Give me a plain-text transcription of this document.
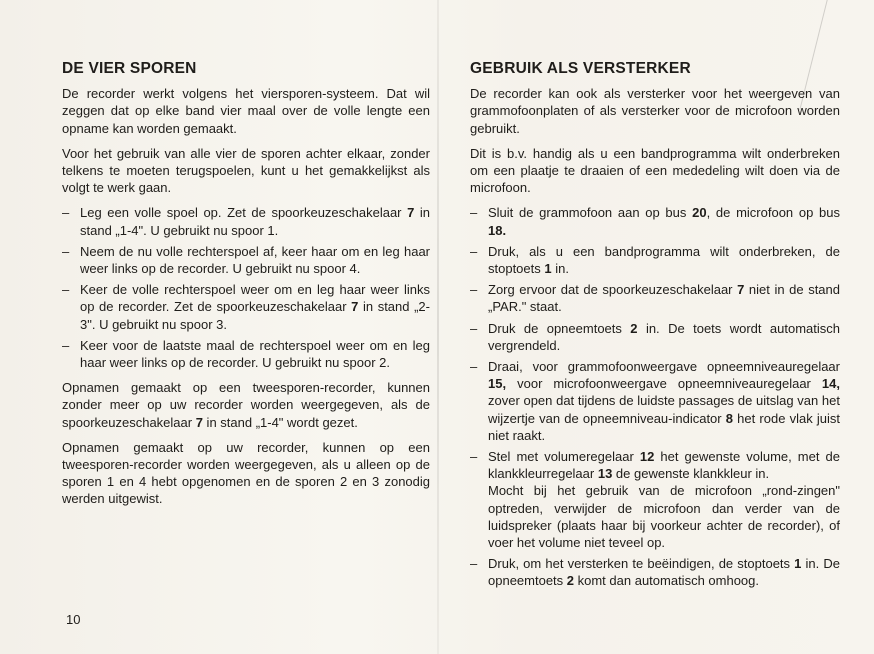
DE VIER SPOREN

De recorder werkt volgens het viersporen-systeem. Dat wil zeggen dat op elke band vier maal over de volle lengte een opname kan worden gemaakt.

Voor het gebruik van alle vier de sporen achter elkaar, zonder telkens te moeten terugspoelen, kunt u het gemakkelijkst als volgt te werk gaan.

– Leg een volle spoel op. Zet de spoorkeuzeschakelaar 7 in stand „1-4". U gebruikt nu spoor 1.
– Neem de nu volle rechterspoel af, keer haar om en leg haar weer links op de recorder. U gebruikt nu spoor 4.
– Keer de volle rechterspoel weer om en leg haar weer links op de recorder. Zet de spoorkeuzeschakelaar 7 in stand „2-3". U gebruikt nu spoor 3.
– Keer voor de laatste maal de rechterspoel weer om en leg haar weer links op de recorder. U gebruikt nu spoor 2.

Opnamen gemaakt op een tweesporen-recorder, kunnen zonder meer op uw recorder worden weergegeven, als de spoorkeuzeschakelaar 7 in stand „1-4" wordt gezet.

Opnamen gemaakt op uw recorder, kunnen op een tweesporen-recorder worden weergegeven, als u alleen op de sporen 1 en 4 hebt opgenomen en de sporen 2 en 3 zonodig werden uitgewist.

GEBRUIK ALS VERSTERKER

De recorder kan ook als versterker voor het weergeven van grammofoonplaten of als versterker voor de microfoon worden gebruikt.

Dit is b.v. handig als u een bandprogramma wilt onderbreken om een plaatje te draaien of een mededeling wilt doen via de microfoon.

– Sluit de grammofoon aan op bus 20, de microfoon op bus 18.
– Druk, als u een bandprogramma wilt onderbreken, de stoptoets 1 in.
– Zorg ervoor dat de spoorkeuzeschakelaar 7 niet in de stand „PAR." staat.
– Druk de opneemtoets 2 in. De toets wordt automatisch vergrendeld.
– Draai, voor grammofoonweergave opneemniveauregelaar 15, voor microfoonweergave opneemniveauregelaar 14, zover open dat tijdens de luidste passages de uitslag van het wijzertje van de opneemniveau-indicator 8 het rode vlak juist niet raakt.
– Stel met volumeregelaar 12 het gewenste volume, met de klankkleurregelaar 13 de gewenste klankkleur in.
Mocht bij het gebruik van de microfoon „rond-zingen" optreden, verwijder de microfoon dan verder van de luidspreker (plaats haar bij voorkeur achter de recorder), of voer het volume niet teveel op.
– Druk, om het versterken te beëindigen, de stoptoets 1 in. De opneemtoets 2 komt dan automatisch omhoog.
10
